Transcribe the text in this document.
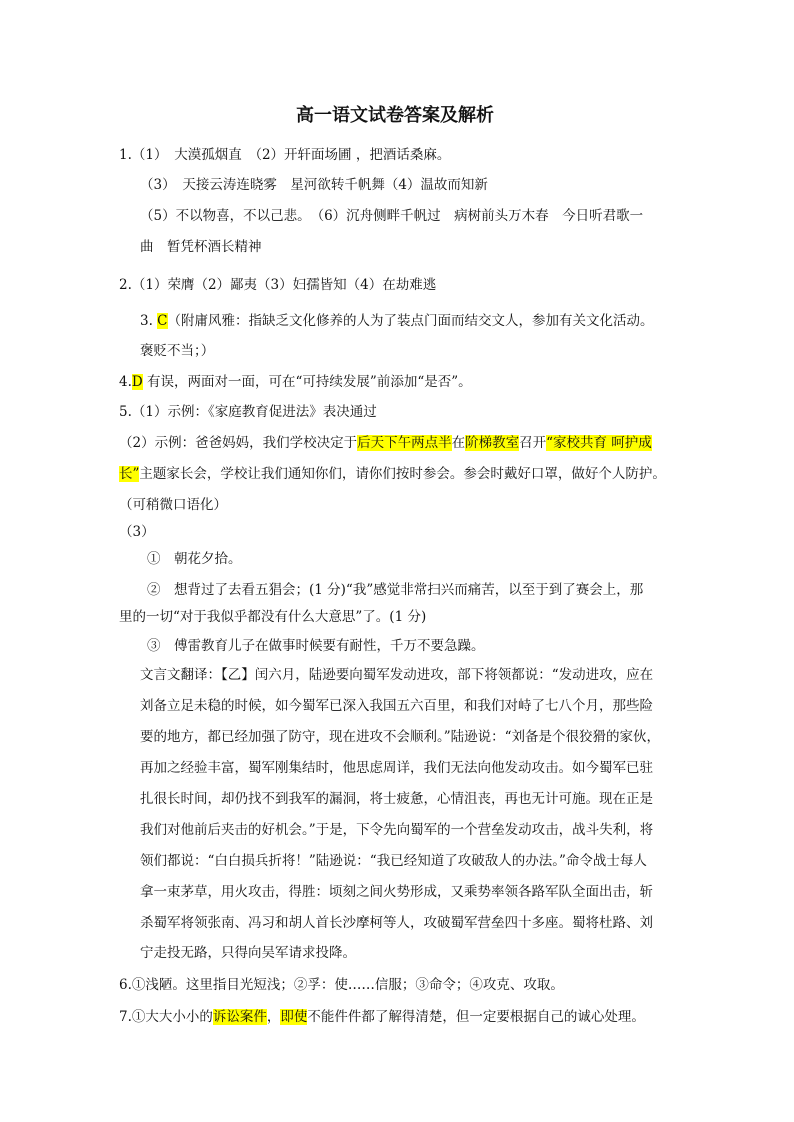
高一语文试卷答案及解析
1.（1）　大漠孤烟直　（2）开轩面场圃 ，把酒话桑麻。
（3）　天接云涛连晓雾　星河欲转千帆舞（4）温故而知新
（5）不以物喜，不以己悲。　（6）沉舟侧畔千帆过　病树前头万木春　今日听君歌一
曲　暂凭杯酒长精神
2.（1）荣膺（2）鄙夷（3）妇孺皆知（4）在劫难逃
3. C（附庸风雅：指缺乏文化修养的人为了装点门面而结交文人，参加有关文化活动。
褒贬不当；）
4.D 有误，两面对一面，可在“可持续发展”前添加“是否”。
5.（1）示例：《家庭教育促进法》表决通过
（2）示例：爸爸妈妈，我们学校决定于后天下午两点半在阶梯教室召开“家校共育 呵护成
长”主题家长会，学校让我们通知你们，请你们按时参会。参会时戴好口罩，做好个人防护。
（可稍微口语化）
（3）
①　朝花夕拾。
②　想背过了去看五猖会；(1 分)“我”感觉非常扫兴而痛苦，以至于到了赛会上，那
里的一切“对于我似乎都没有什么大意思”了。(1 分)
③　傅雷教育儿子在做事时候要有耐性，千万不要急躁。
文言文翻译：【乙】闰六月，陆逊要向蜀军发动进攻，部下将领都说：“发动进攻，应在
刘备立足未稳的时候，如今蜀军已深入我国五六百里，和我们对峙了七八个月，那些险
要的地方，都已经加强了防守，现在进攻不会顺利。”陆逊说：“刘备是个很狡猾的家伙，
再加之经验丰富，蜀军刚集结时，他思虑周详，我们无法向他发动攻击。如今蜀军已驻
扎很长时间，却仍找不到我军的漏洞，将士疲惫，心情沮丧，再也无计可施。现在正是
我们对他前后夹击的好机会。”于是，下令先向蜀军的一个营垒发动攻击，战斗失利，将
领们都说：“白白损兵折将！”陆逊说：“我已经知道了攻破敌人的办法。”命令战士每人
拿一束茅草，用火攻击，得胜：顷刻之间火势形成，又乘势率领各路军队全面出击，斩
杀蜀军将领张南、冯习和胡人首长沙摩柯等人，攻破蜀军营垒四十多座。蜀将杜路、刘
宁走投无路，只得向吴军请求投降。
6.①浅陋。这里指目光短浅；②孚：使……信服；③命令；④攻克、攻取。
7.①大大小小的诉讼案件，即使不能件件都了解得清楚，但一定要根据自己的诚心处理。
